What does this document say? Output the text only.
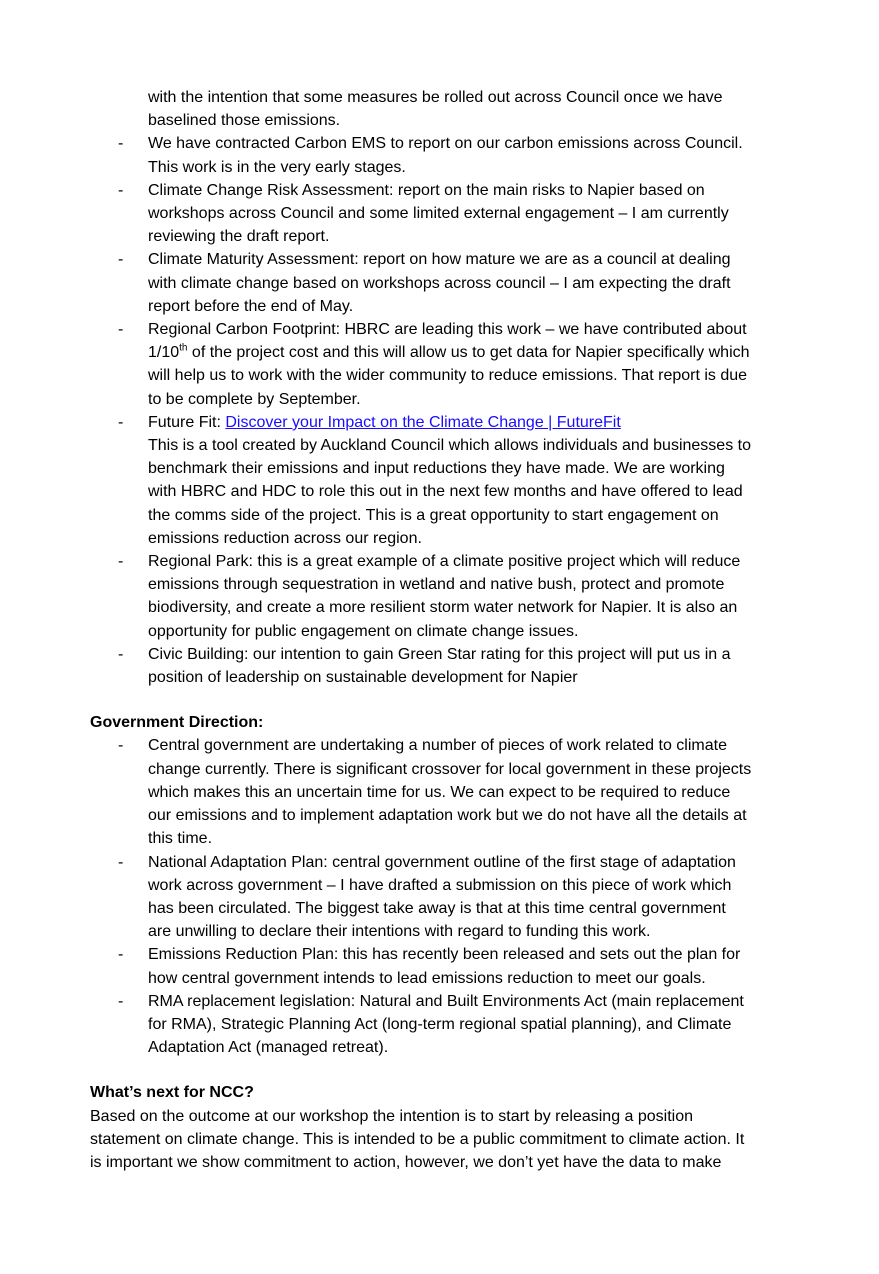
with the intention that some measures be rolled out across Council once we have
baselined those emissions.
- We have contracted Carbon EMS to report on our carbon emissions across Council.
This work is in the very early stages.
- Climate Change Risk Assessment: report on the main risks to Napier based on
workshops across Council and some limited external engagement – I am currently
reviewing the draft report.
- Climate Maturity Assessment: report on how mature we are as a council at dealing
with climate change based on workshops across council – I am expecting the draft
report before the end of May.
- Regional Carbon Footprint: HBRC are leading this work – we have contributed about
1/10th of the project cost and this will allow us to get data for Napier specifically which
will help us to work with the wider community to reduce emissions. That report is due
to be complete by September.
- Future Fit: Discover your Impact on the Climate Change | FutureFit
This is a tool created by Auckland Council which allows individuals and businesses to
benchmark their emissions and input reductions they have made. We are working
with HBRC and HDC to role this out in the next few months and have offered to lead
the comms side of the project. This is a great opportunity to start engagement on
emissions reduction across our region.
- Regional Park: this is a great example of a climate positive project which will reduce
emissions through sequestration in wetland and native bush, protect and promote
biodiversity, and create a more resilient storm water network for Napier. It is also an
opportunity for public engagement on climate change issues.
- Civic Building: our intention to gain Green Star rating for this project will put us in a
position of leadership on sustainable development for Napier
Government Direction:
- Central government are undertaking a number of pieces of work related to climate
change currently. There is significant crossover for local government in these projects
which makes this an uncertain time for us. We can expect to be required to reduce
our emissions and to implement adaptation work but we do not have all the details at
this time.
- National Adaptation Plan: central government outline of the first stage of adaptation
work across government – I have drafted a submission on this piece of work which
has been circulated. The biggest take away is that at this time central government
are unwilling to declare their intentions with regard to funding this work.
- Emissions Reduction Plan: this has recently been released and sets out the plan for
how central government intends to lead emissions reduction to meet our goals.
- RMA replacement legislation: Natural and Built Environments Act (main replacement
for RMA), Strategic Planning Act (long-term regional spatial planning), and Climate
Adaptation Act (managed retreat).
What’s next for NCC?
Based on the outcome at our workshop the intention is to start by releasing a position
statement on climate change. This is intended to be a public commitment to climate action. It
is important we show commitment to action, however, we don’t yet have the data to make
